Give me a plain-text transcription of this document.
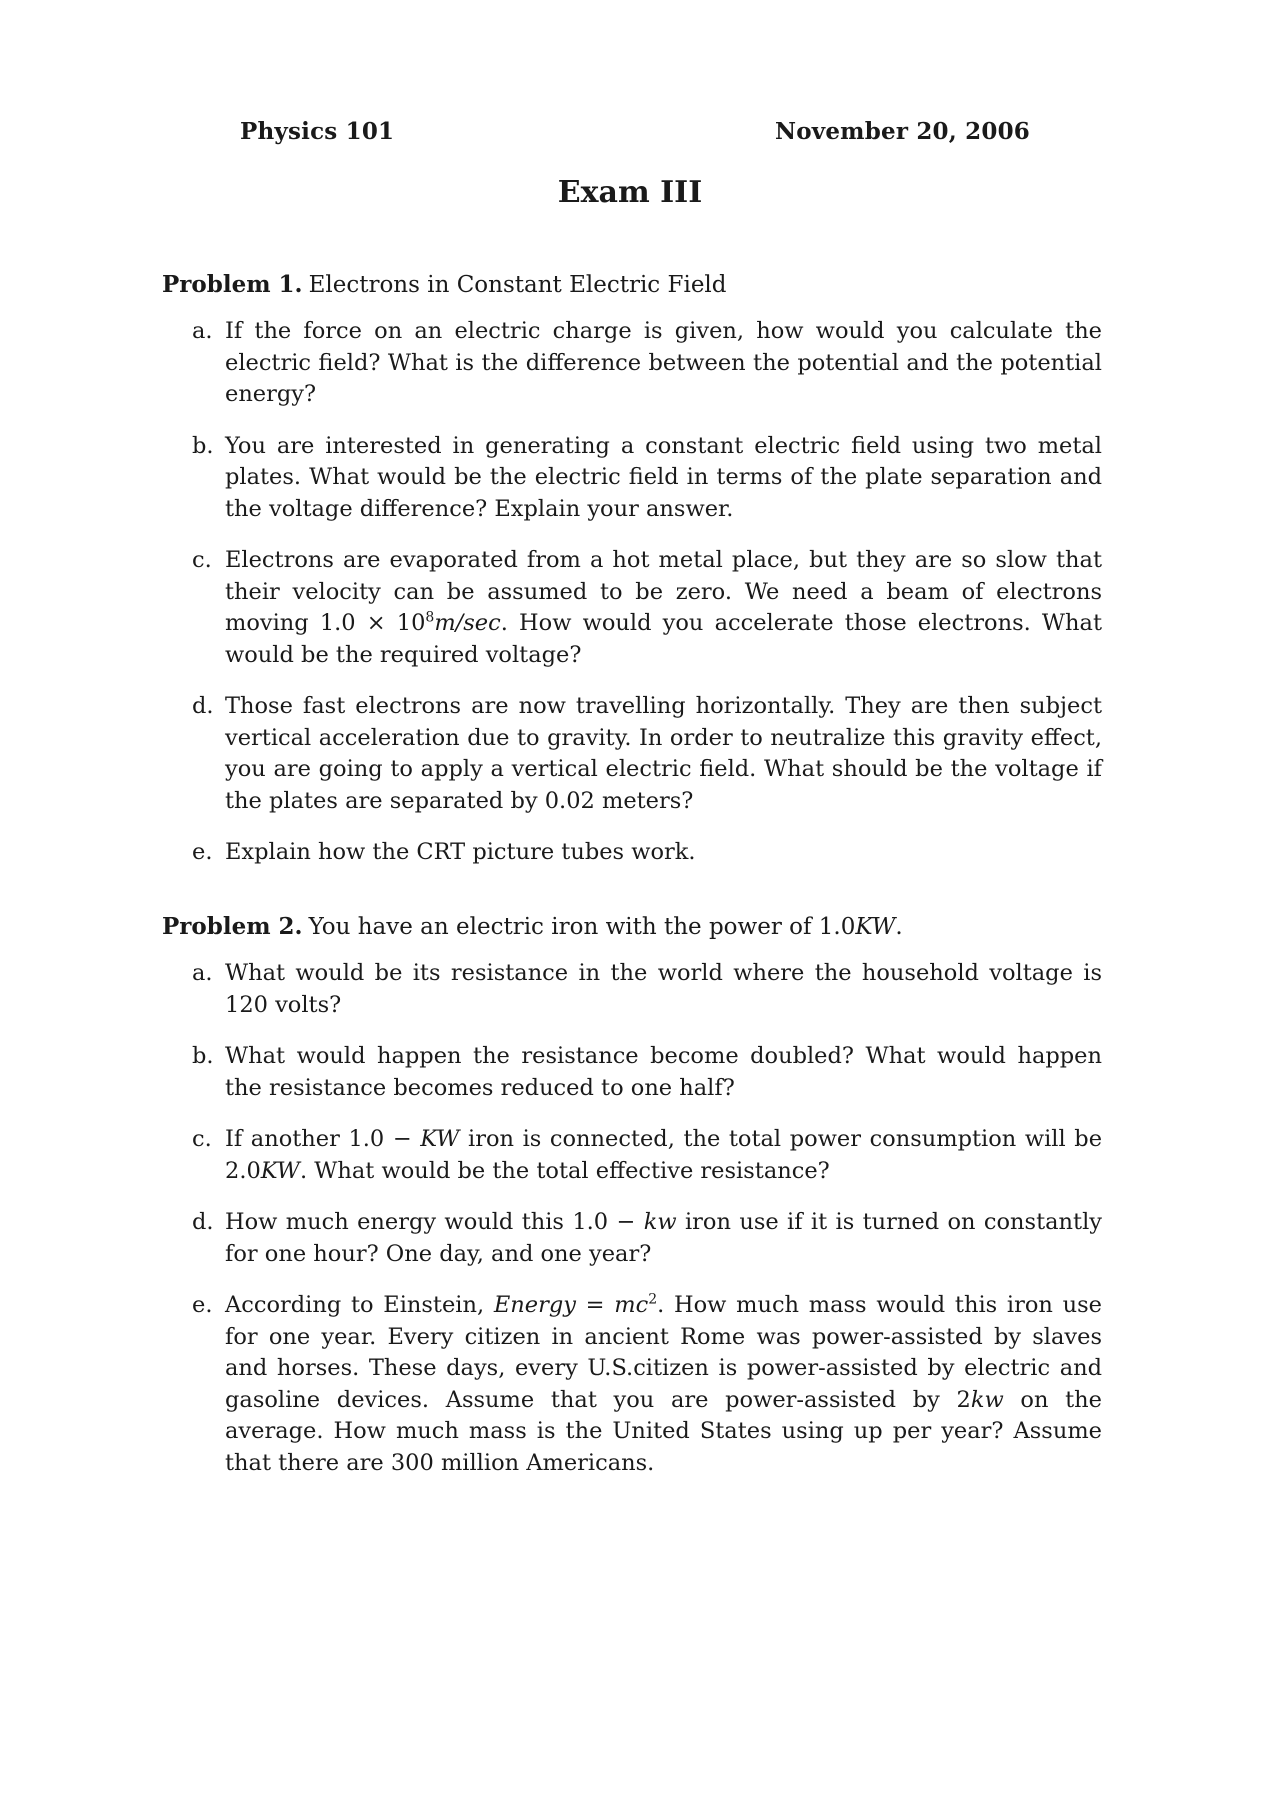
Physics 101	November 20, 2006
Exam III
Problem 1. Electrons in Constant Electric Field
a. If the force on an electric charge is given, how would you calculate the electric field? What is the difference between the potential and the potential energy?
b. You are interested in generating a constant electric field using two metal plates. What would be the electric field in terms of the plate separation and the voltage difference? Explain your answer.
c. Electrons are evaporated from a hot metal place, but they are so slow that their velocity can be assumed to be zero. We need a beam of electrons moving $1.0 \times 10^8m/\sec$. How would you accelerate those electrons. What would be the required voltage?
d. Those fast electrons are now travelling horizontally. They are then subject vertical acceleration due to gravity. In order to neutralize this gravity effect, you are going to apply a vertical electric field. What should be the voltage if the plates are separated by 0.02 meters?
e. Explain how the CRT picture tubes work.
Problem 2. You have an electric iron with the power of 1.0KW.
a. What would be its resistance in the world where the household voltage is 120 volts?
b. What would happen the resistance become doubled? What would happen the resistance becomes reduced to one half?
c. If another 1.0 − KW iron is connected, the total power consumption will be 2.0KW. What would be the total effective resistance?
d. How much energy would this 1.0 − kw iron use if it is turned on constantly for one hour? One day, and one year?
e. According to Einstein, Energy = $mc^2$. How much mass would this iron use for one year. Every citizen in ancient Rome was power-assisted by slaves and horses. These days, every U.S.citizen is power-assisted by electric and gasoline devices. Assume that you are power-assisted by 2kw on the average. How much mass is the United States using up per year? Assume that there are 300 million Americans.
